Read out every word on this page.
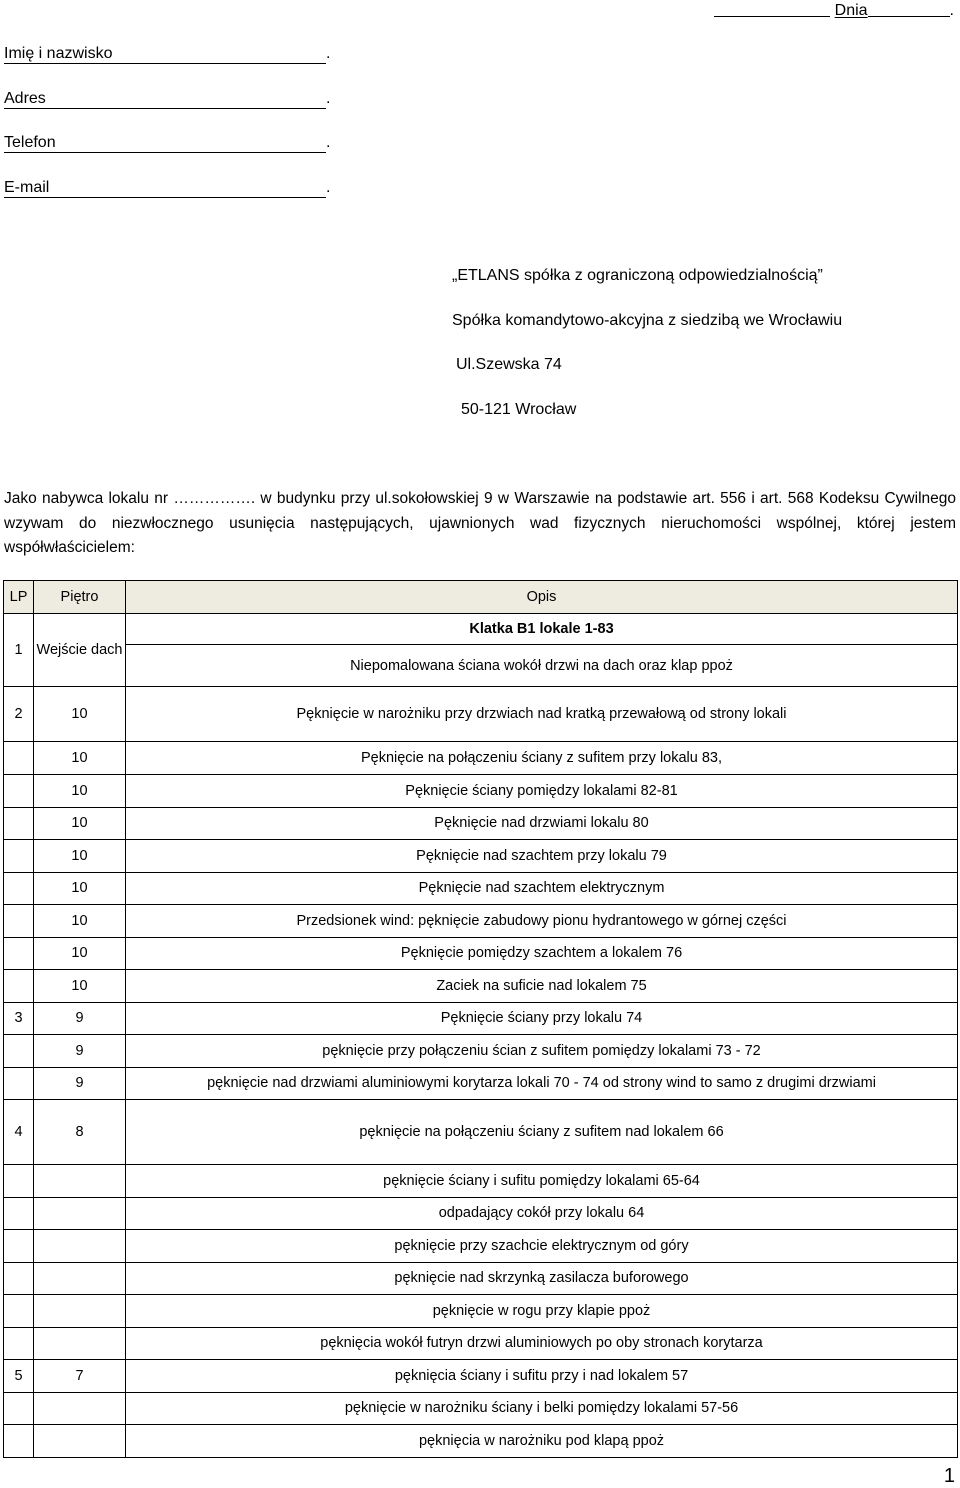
Dnia	.
Imię i nazwisko	.
Adres	.
Telefon	.
E-mail	.
„ETLANS spółka z ograniczoną odpowiedzialnością”
Spółka komandytowo-akcyjna z siedzibą we Wrocławiu
Ul.Szewska 74
50-121 Wrocław
Jako nabywca lokalu nr ……………. w budynku przy ul.sokołowskiej 9 w Warszawie na podstawie art. 556 i art. 568 Kodeksu Cywilnego wzywam do niezwłocznego usunięcia następujących, ujawnionych wad fizycznych nieruchomości wspólnej, której jestem współwłaścicielem:
LP	Piętro	Opis
1	Wejście dach	Klatka B1 lokale 1-83
		Niepomalowana ściana wokół drzwi na dach oraz klap ppoż
2	10	Pęknięcie w narożniku przy drzwiach nad kratką przewałową od strony lokali
	10	Pęknięcie na połączeniu ściany z sufitem przy lokalu 83,
	10	Pęknięcie ściany pomiędzy lokalami 82-81
	10	Pęknięcie nad drzwiami lokalu 80
	10	Pęknięcie nad szachtem przy lokalu 79
	10	Pęknięcie nad szachtem elektrycznym
	10	Przedsionek wind: pęknięcie zabudowy pionu hydrantowego w górnej części
	10	Pęknięcie pomiędzy szachtem a lokalem 76
	10	Zaciek na suficie nad lokalem 75
3	9	Pęknięcie ściany przy lokalu 74
	9	pęknięcie przy połączeniu ścian z sufitem pomiędzy lokalami 73 - 72
	9	pęknięcie nad drzwiami aluminiowymi korytarza lokali 70 - 74 od strony wind to samo z drugimi drzwiami
4	8	pęknięcie na połączeniu ściany z sufitem nad lokalem 66
		pęknięcie ściany i sufitu pomiędzy lokalami 65-64
		odpadający cokół przy lokalu 64
		pęknięcie przy szachcie elektrycznym od góry
		pęknięcie nad skrzynką zasilacza buforowego
		pęknięcie w rogu przy klapie ppoż
		pęknięcia wokół futryn drzwi aluminiowych po oby stronach korytarza
5	7	pęknięcia ściany i sufitu przy i nad lokalem 57
		pęknięcie w narożniku ściany i belki pomiędzy lokalami 57-56
		pęknięcia w narożniku pod klapą ppoż
1
